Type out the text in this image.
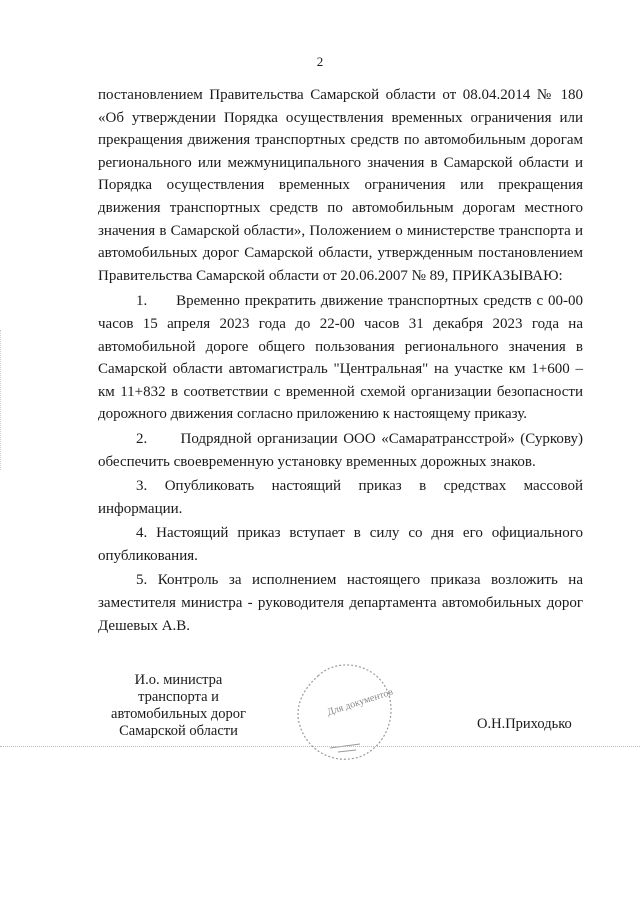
2

постановлением Правительства Самарской области от 08.04.2014 № 180 «Об утверждении Порядка осуществления временных ограничения или прекращения движения транспортных средств по автомобильным дорогам регионального или межмуниципального значения в Самарской области и Порядка осуществления временных ограничения или прекращения движения транспортных средств по автомобильным дорогам местного значения в Самарской области», Положением о министерстве транспорта и автомобильных дорог Самарской области, утвержденным постановлением Правительства Самарской области от 20.06.2007 № 89, ПРИКАЗЫВАЮ:

1. Временно прекратить движение транспортных средств с 00-00 часов 15 апреля 2023 года до 22-00 часов 31 декабря 2023 года на автомобильной дороге общего пользования регионального значения в Самарской области автомагистраль "Центральная" на участке км 1+600 – км 11+832 в соответствии с временной схемой организации безопасности дорожного движения согласно приложению к настоящему приказу.

2. Подрядной организации ООО «Самаратрансстрой» (Суркову) обеспечить своевременную установку временных дорожных знаков.

3. Опубликовать настоящий приказ в средствах массовой информации.

4. Настоящий приказ вступает в силу со дня его официального опубликования.

5. Контроль за исполнением настоящего приказа возложить на заместителя министра - руководителя департамента автомобильных дорог Дешевых А.В.

И.о. министра
транспорта и
автомобильных дорог
Самарской области
Для документов
О.Н.Приходько
